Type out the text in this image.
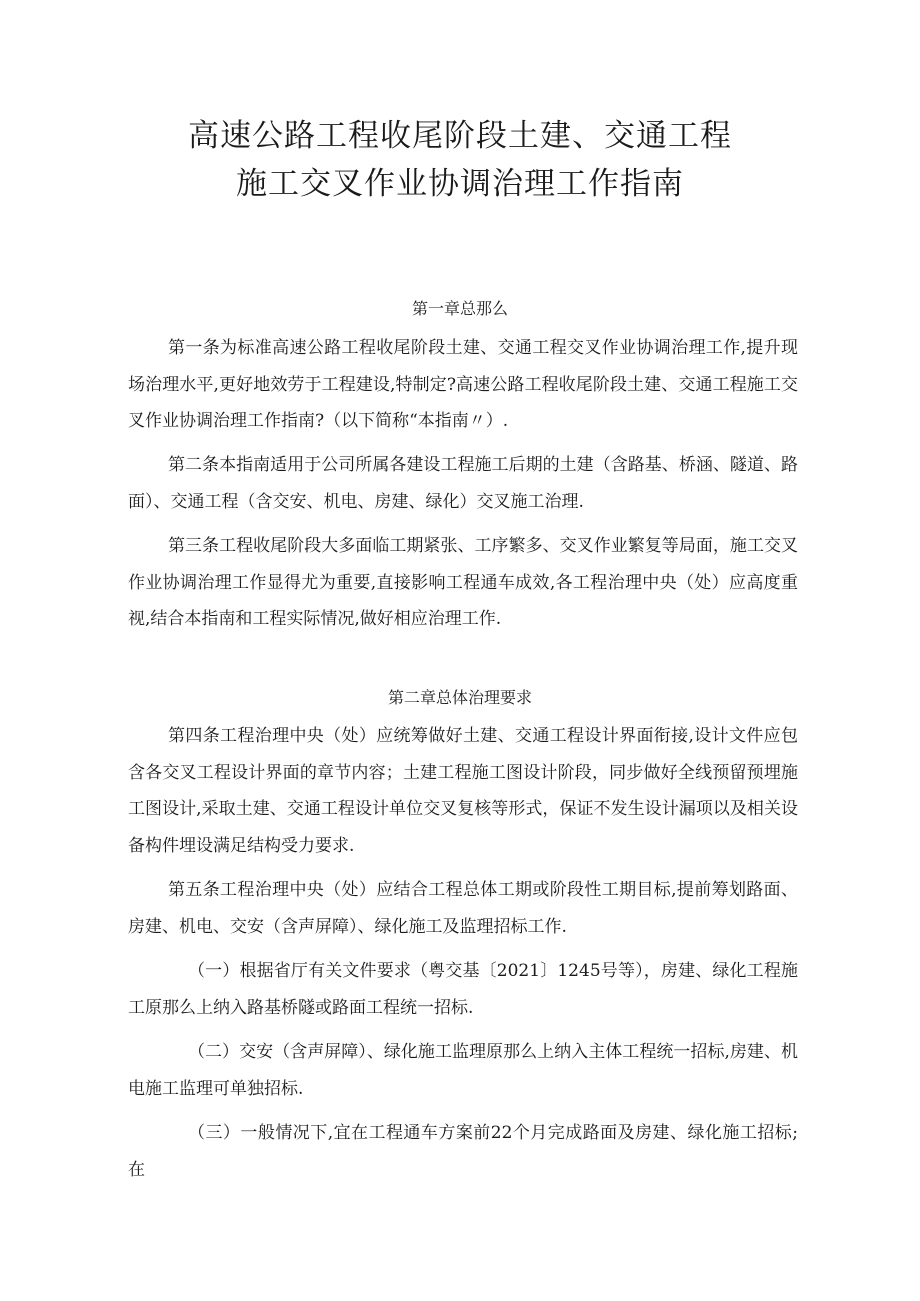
高速公路工程收尾阶段土建、交通工程
施工交叉作业协调治理工作指南
第一章总那么

第一条为标准高速公路工程收尾阶段土建、交通工程交叉作业协调治理工作,提升现场治理水平,更好地效劳于工程建设,特制定?高速公路工程收尾阶段土建、交通工程施工交叉作业协调治理工作指南?（以下简称“本指南〃）.

第二条本指南适用于公司所属各建设工程施工后期的土建（含路基、桥涵、隧道、路面）、交通工程（含交安、机电、房建、绿化）交叉施工治理.

第三条工程收尾阶段大多面临工期紧张、工序繁多、交叉作业繁复等局面，施工交叉作业协调治理工作显得尤为重要,直接影响工程通车成效,各工程治理中央（处）应高度重视,结合本指南和工程实际情况,做好相应治理工作.

第二章总体治理要求

第四条工程治理中央（处）应统筹做好土建、交通工程设计界面衔接,设计文件应包含各交叉工程设计界面的章节内容；土建工程施工图设计阶段，同步做好全线预留预埋施工图设计,采取土建、交通工程设计单位交叉复核等形式，保证不发生设计漏项以及相关设备构件埋设满足结构受力要求.

第五条工程治理中央（处）应结合工程总体工期或阶段性工期目标,提前筹划路面、房建、机电、交安（含声屏障）、绿化施工及监理招标工作.

（一）根据省厅有关文件要求（粤交基〔2021〕1245号等），房建、绿化工程施工原那么上纳入路基桥隧或路面工程统一招标.

（二）交安（含声屏障）、绿化施工监理原那么上纳入主体工程统一招标,房建、机电施工监理可单独招标.

（三）一般情况下,宜在工程通车方案前22个月完成路面及房建、绿化施工招标;在
